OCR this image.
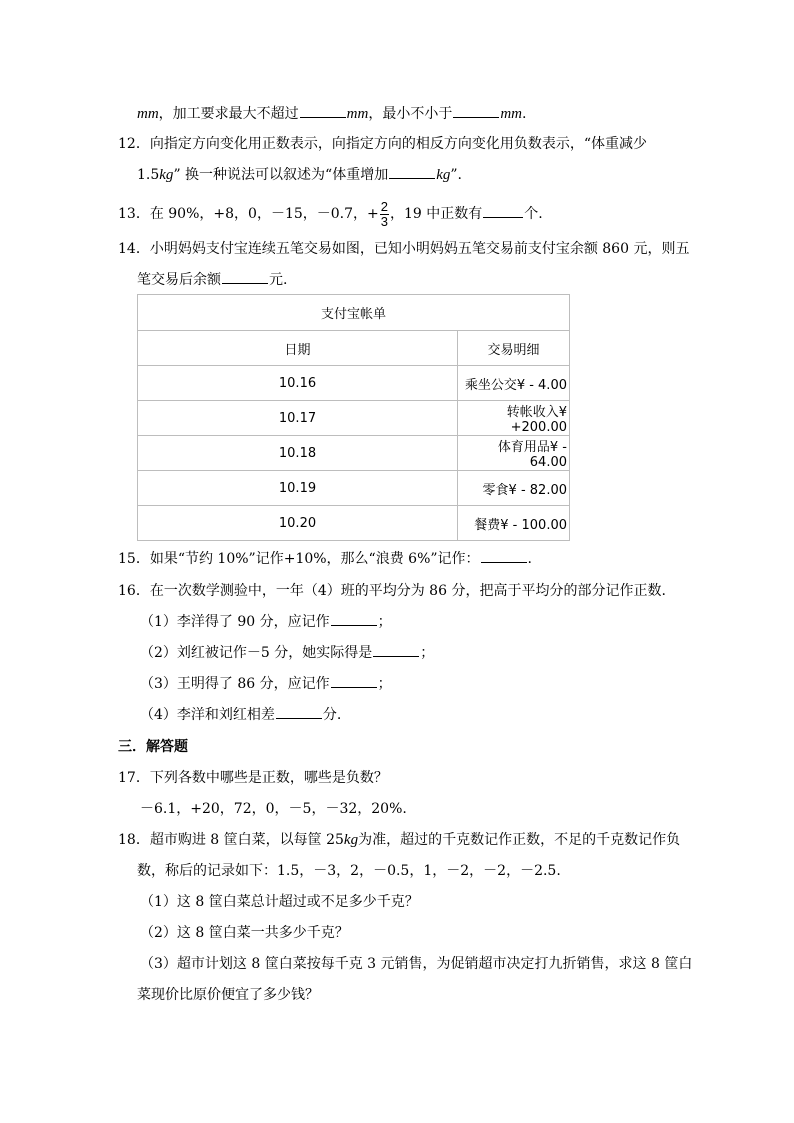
mm，加工要求最大不超过	mm，最小不小于	mm.
12．向指定方向变化用正数表示，向指定方向的相反方向变化用负数表示，“体重减少
1.5kg” 换一种说法可以叙述为“体重增加	kg”.
13．在 90%，+8，0，－15，－0.7，+ $\frac{2}{3}$ ，19 中正数有	个.
14．小明妈妈支付宝连续五笔交易如图，已知小明妈妈五笔交易前支付宝余额 860 元，则五
笔交易后余额	元.
支付宝帐单	
日期	交易明细
10.16	乘坐公交¥ - 4.00
10.17	转帐收入¥+200.00
10.18	体育用品¥ - 64.00
10.19	零食¥ - 82.00
10.20	餐费¥ - 100.00
15．如果“节约 10%”记作+10%，那么“浪费 6%”记作：	.
16．在一次数学测验中，一年（4）班的平均分为 86 分，把高于平均分的部分记作正数.
（1）李洋得了 90 分，应记作	；
（2）刘红被记作－5 分，她实际得是	；
（3）王明得了 86 分，应记作	；
（4）李洋和刘红相差	分.
三．解答题
17．下列各数中哪些是正数，哪些是负数？
－6.1，+20，72，0，－5，－32，20%.
18．超市购进 8 筐白菜，以每筐 25kg为准，超过的千克数记作正数，不足的千克数记作负
数，称后的记录如下：1.5，－3，2，－0.5，1，－2，－2，－2.5.
（1）这 8 筐白菜总计超过或不足多少千克？
（2）这 8 筐白菜一共多少千克？
（3）超市计划这 8 筐白菜按每千克 3 元销售，为促销超市决定打九折销售，求这 8 筐白
菜现价比原价便宜了多少钱？
